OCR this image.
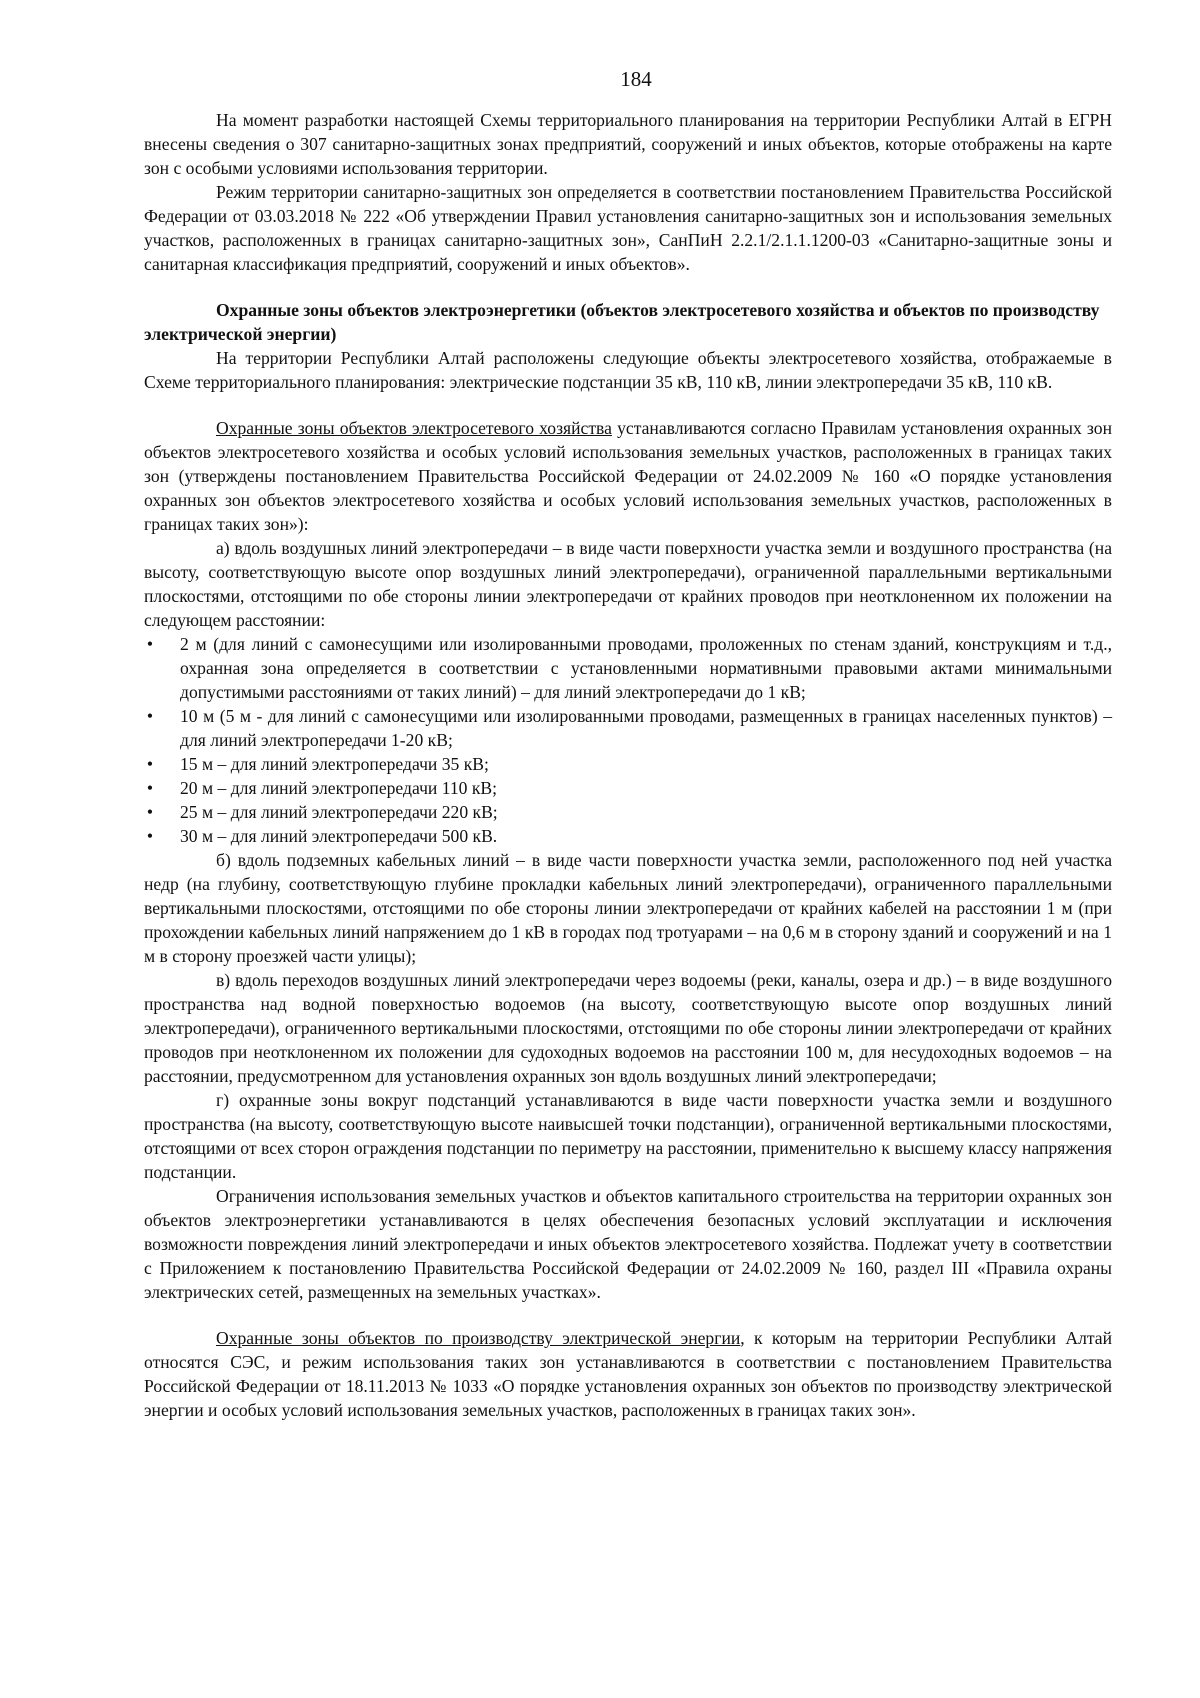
184

На момент разработки настоящей Схемы территориального планирования на территории Республики Алтай в ЕГРН внесены сведения о 307 санитарно-защитных зонах предприятий, сооружений и иных объектов, которые отображены на карте зон с особыми условиями использования территории.

Режим территории санитарно-защитных зон определяется в соответствии постановлением Правительства Российской Федерации от 03.03.2018 № 222 «Об утверждении Правил установления санитарно-защитных зон и использования земельных участков, расположенных в границах санитарно-защитных зон», СанПиН 2.2.1/2.1.1.1200-03 «Санитарно-защитные зоны и санитарная классификация предприятий, сооружений и иных объектов».

Охранные зоны объектов электроэнергетики (объектов электросетевого хозяйства и объектов по производству электрической энергии)

На территории Республики Алтай расположены следующие объекты электросетевого хозяйства, отображаемые в Схеме территориального планирования: электрические подстанции 35 кВ, 110 кВ, линии электропередачи 35 кВ, 110 кВ.

Охранные зоны объектов электросетевого хозяйства устанавливаются согласно Правилам установления охранных зон объектов электросетевого хозяйства и особых условий использования земельных участков, расположенных в границах таких зон (утверждены постановлением Правительства Российской Федерации от 24.02.2009 № 160 «О порядке установления охранных зон объектов электросетевого хозяйства и особых условий использования земельных участков, расположенных в границах таких зон»):

а) вдоль воздушных линий электропередачи – в виде части поверхности участка земли и воздушного пространства (на высоту, соответствующую высоте опор воздушных линий электропередачи), ограниченной параллельными вертикальными плоскостями, отстоящими по обе стороны линии электропередачи от крайних проводов при неотклоненном их положении на следующем расстоянии:

• 2 м (для линий с самонесущими или изолированными проводами, проложенных по стенам зданий, конструкциям и т.д., охранная зона определяется в соответствии с установленными нормативными правовыми актами минимальными допустимыми расстояниями от таких линий) – для линий электропередачи до 1 кВ;
• 10 м (5 м - для линий с самонесущими или изолированными проводами, размещенных в границах населенных пунктов) – для линий электропередачи 1-20 кВ;
• 15 м – для линий электропередачи 35 кВ;
• 20 м – для линий электропередачи 110 кВ;
• 25 м – для линий электропередачи 220 кВ;
• 30 м – для линий электропередачи 500 кВ.

б) вдоль подземных кабельных линий – в виде части поверхности участка земли, расположенного под ней участка недр (на глубину, соответствующую глубине прокладки кабельных линий электропередачи), ограниченного параллельными вертикальными плоскостями, отстоящими по обе стороны линии электропередачи от крайних кабелей на расстоянии 1 м (при прохождении кабельных линий напряжением до 1 кВ в городах под тротуарами – на 0,6 м в сторону зданий и сооружений и на 1 м в сторону проезжей части улицы);

в) вдоль переходов воздушных линий электропередачи через водоемы (реки, каналы, озера и др.) – в виде воздушного пространства над водной поверхностью водоемов (на высоту, соответствующую высоте опор воздушных линий электропередачи), ограниченного вертикальными плоскостями, отстоящими по обе стороны линии электропередачи от крайних проводов при неотклоненном их положении для судоходных водоемов на расстоянии 100 м, для несудоходных водоемов – на расстоянии, предусмотренном для установления охранных зон вдоль воздушных линий электропередачи;

г) охранные зоны вокруг подстанций устанавливаются в виде части поверхности участка земли и воздушного пространства (на высоту, соответствующую высоте наивысшей точки подстанции), ограниченной вертикальными плоскостями, отстоящими от всех сторон ограждения подстанции по периметру на расстоянии, применительно к высшему классу напряжения подстанции.

Ограничения использования земельных участков и объектов капитального строительства на территории охранных зон объектов электроэнергетики устанавливаются в целях обеспечения безопасных условий эксплуатации и исключения возможности повреждения линий электропередачи и иных объектов электросетевого хозяйства. Подлежат учету в соответствии с Приложением к постановлению Правительства Российской Федерации от 24.02.2009 № 160, раздел III «Правила охраны электрических сетей, размещенных на земельных участках».

Охранные зоны объектов по производству электрической энергии, к которым на территории Республики Алтай относятся СЭС, и режим использования таких зон устанавливаются в соответствии с постановлением Правительства Российской Федерации от 18.11.2013 № 1033 «О порядке установления охранных зон объектов по производству электрической энергии и особых условий использования земельных участков, расположенных в границах таких зон».
